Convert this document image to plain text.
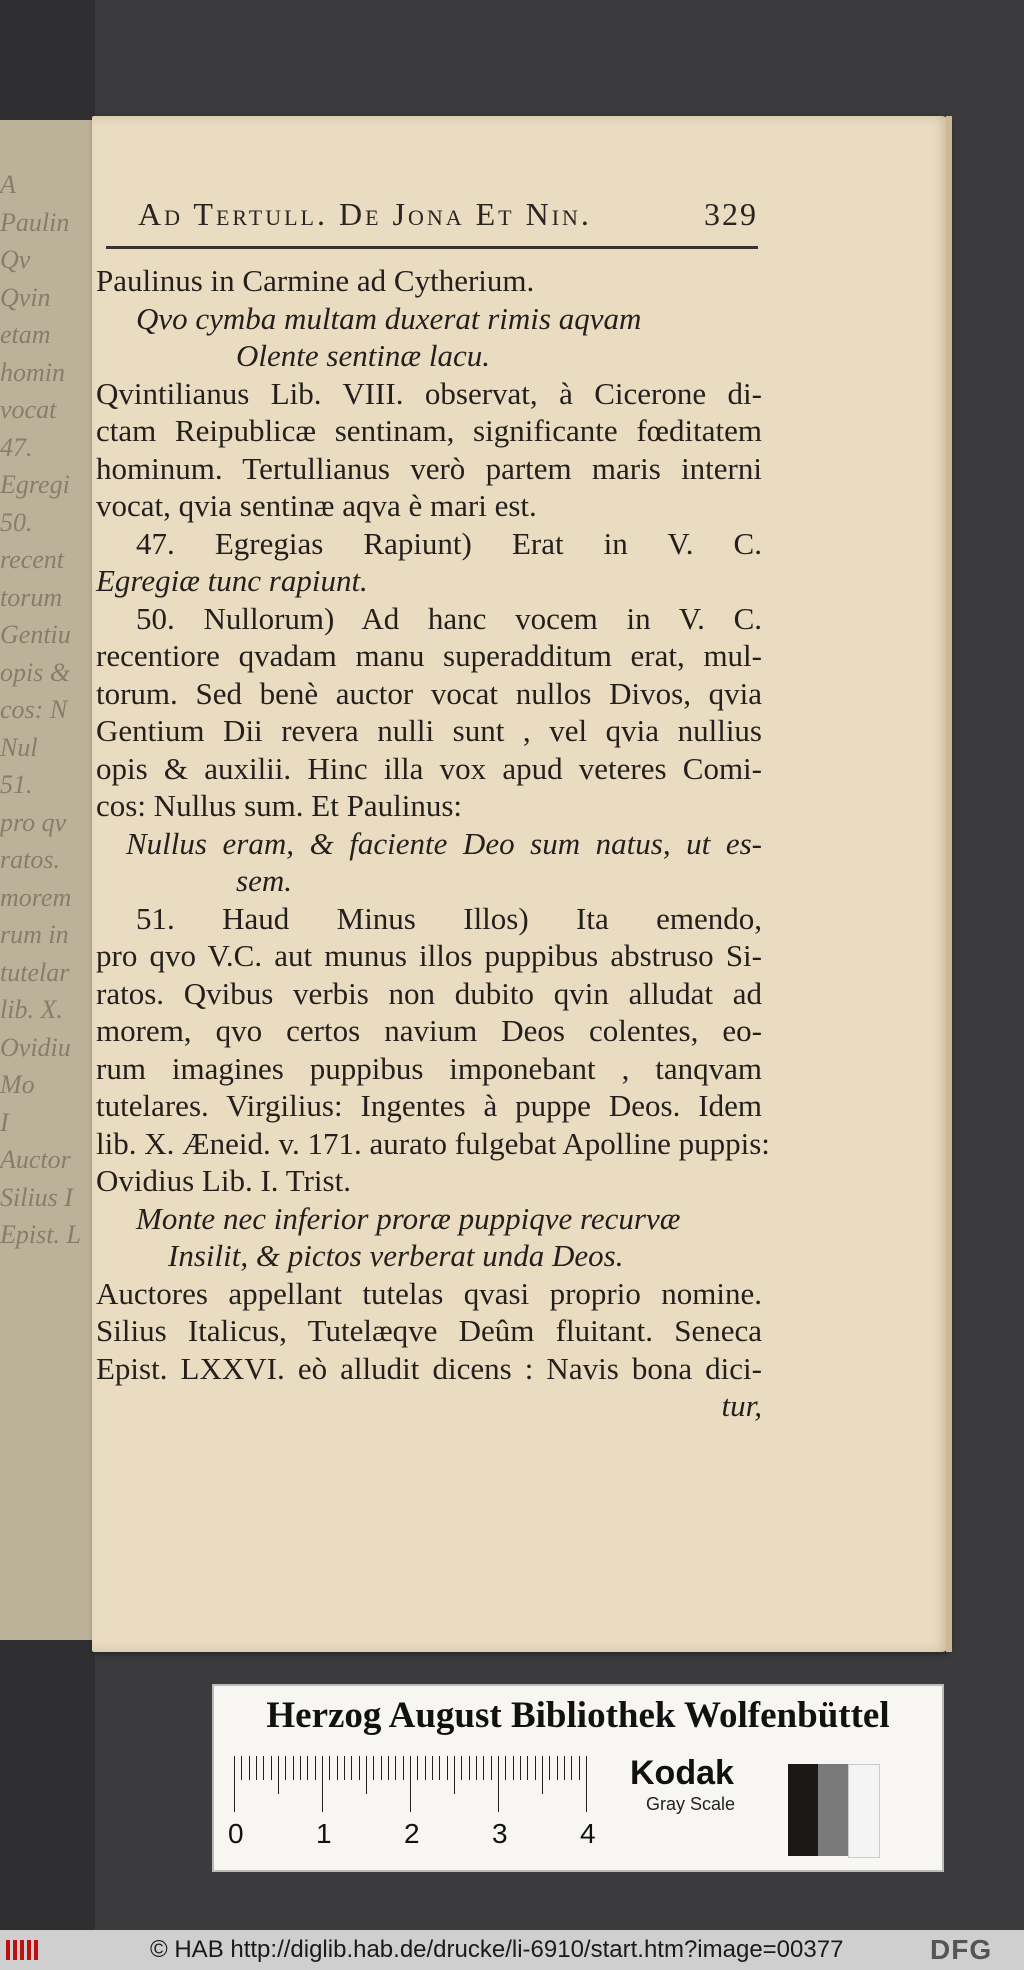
A
Paulin
Qv
Qvin
etam
homin
vocat
47.
Egregi
50.
recent
torum
Gentiu
opis &
cos: N
Nul
51.
pro qv
ratos.
morem
rum in
tutelar
lib. X.
Ovidiu
Mo
I
Auctor
Silius I
Epist. L
Ad Tertull. De Jona Et Nin.	329
Paulinus in Carmine ad Cytherium.
Qvo cymba multam duxerat rimis aqvam
Olente sentinæ lacu.
Qvintilianus Lib. VIII. observat, à Cicerone di-
ctam Reipublicæ sentinam, significante fœditatem
hominum. Tertullianus verò partem maris interni
vocat, qvia sentinæ aqva è mari est.
47. Egregias Rapiunt) Erat in V. C.
Egregiæ tunc rapiunt.
50. Nullorum) Ad hanc vocem in V. C.
recentiore qvadam manu superadditum erat, mul-
torum. Sed benè auctor vocat nullos Divos, qvia
Gentium Dii revera nulli sunt , vel qvia nullius
opis & auxilii. Hinc illa vox apud veteres Comi-
cos: Nullus sum. Et Paulinus:
Nullus eram, & faciente Deo sum natus, ut es-
sem.
51. Haud Minus Illos) Ita emendo,
pro qvo V.C. aut munus illos puppibus abstruso Si-
ratos. Qvibus verbis non dubito qvin alludat ad
morem, qvo certos navium Deos colentes, eo-
rum imagines puppibus imponebant , tanqvam
tutelares. Virgilius: Ingentes à puppe Deos. Idem
lib. X. Æneid. v. 171. aurato fulgebat Apolline puppis:
Ovidius Lib. I. Trist.
Monte nec inferior proræ puppiqve recurvæ
Insilit, & pictos verberat unda Deos.
Auctores appellant tutelas qvasi proprio nomine.
Silius Italicus, Tutelæqve Deûm fluitant. Seneca
Epist. LXXVI. eò alludit dicens : Navis bona dici-
tur,
Herzog August Bibliothek Wolfenbüttel
0	1	2	3	4
Kodak
Gray Scale
© HAB http://diglib.hab.de/drucke/li-6910/start.htm?image=00377	DFG
